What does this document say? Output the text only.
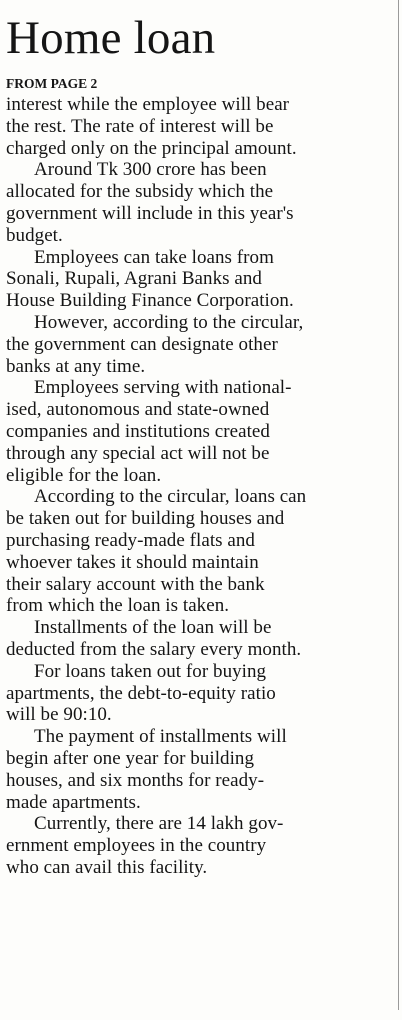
Home loan
FROM PAGE 2
interest while the employee will bear
the rest. The rate of interest will be
charged only on the principal amount.
Around Tk 300 crore has been
allocated for the subsidy which the
government will include in this year's
budget.
Employees can take loans from
Sonali, Rupali, Agrani Banks and
House Building Finance Corporation.
However, according to the circular,
the government can designate other
banks at any time.
Employees serving with national-
ised, autonomous and state-owned
companies and institutions created
through any special act will not be
eligible for the loan.
According to the circular, loans can
be taken out for building houses and
purchasing ready-made flats and
whoever takes it should maintain
their salary account with the bank
from which the loan is taken.
Installments of the loan will be
deducted from the salary every month.
For loans taken out for buying
apartments, the debt-to-equity ratio
will be 90:10.
The payment of installments will
begin after one year for building
houses, and six months for ready-
made apartments.
Currently, there are 14 lakh gov-
ernment employees in the country
who can avail this facility.
